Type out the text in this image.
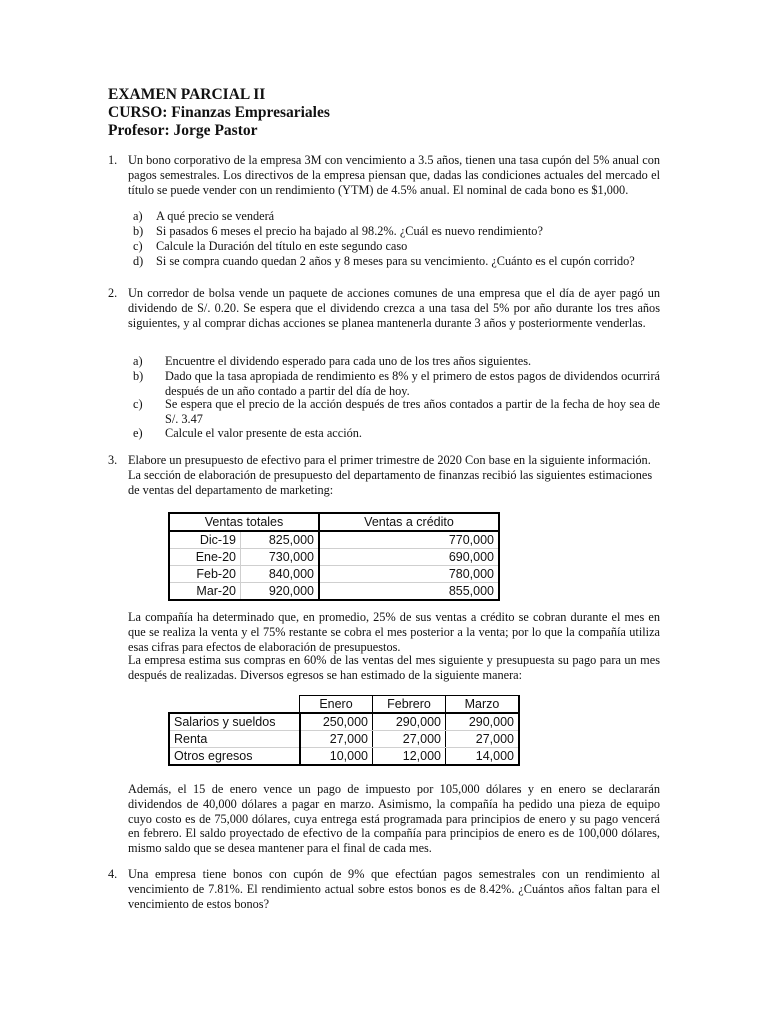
EXAMEN PARCIAL II
CURSO: Finanzas Empresariales
Profesor: Jorge Pastor
1. Un bono corporativo de la empresa 3M con vencimiento a 3.5 años, tienen una tasa cupón del 5% anual con pagos semestrales. Los directivos de la empresa piensan que, dadas las condiciones actuales del mercado el título se puede vender con un rendimiento (YTM) de 4.5% anual. El nominal de cada bono es $1,000.
a) A qué precio se venderá
b) Si pasados 6 meses el precio ha bajado al 98.2%. ¿Cuál es nuevo rendimiento?
c) Calcule la Duración del título en este segundo caso
d) Si se compra cuando quedan 2 años y 8 meses para su vencimiento. ¿Cuánto es el cupón corrido?
2. Un corredor de bolsa vende un paquete de acciones comunes de una empresa que el día de ayer pagó un dividendo de S/. 0.20. Se espera que el dividendo crezca a una tasa del 5% por año durante los tres años siguientes, y al comprar dichas acciones se planea mantenerla durante 3 años y posteriormente venderlas.
a) Encuentre el dividendo esperado para cada uno de los tres años siguientes.
b) Dado que la tasa apropiada de rendimiento es 8% y el primero de estos pagos de dividendos ocurrirá después de un año contado a partir del día de hoy.
c) Se espera que el precio de la acción después de tres años contados a partir de la fecha de hoy sea de S/. 3.47
e) Calcule el valor presente de esta acción.
3. Elabore un presupuesto de efectivo para el primer trimestre de 2020 Con base en la siguiente información. La sección de elaboración de presupuesto del departamento de finanzas recibió las siguientes estimaciones de ventas del departamento de marketing:
Ventas totales		Ventas a crédito
Dic-19	825,000	770,000
Ene-20	730,000	690,000
Feb-20	840,000	780,000
Mar-20	920,000	855,000
La compañía ha determinado que, en promedio, 25% de sus ventas a crédito se cobran durante el mes en que se realiza la venta y el 75% restante se cobra el mes posterior a la venta; por lo que la compañía utiliza esas cifras para efectos de elaboración de presupuestos.
La empresa estima sus compras en 60% de las ventas del mes siguiente y presupuesta su pago para un mes después de realizadas. Diversos egresos se han estimado de la siguiente manera:
	Enero	Febrero	Marzo
Salarios y sueldos	250,000	290,000	290,000
Renta	27,000	27,000	27,000
Otros egresos	10,000	12,000	14,000
Además, el 15 de enero vence un pago de impuesto por 105,000 dólares y en enero se declararán dividendos de 40,000 dólares a pagar en marzo. Asimismo, la compañía ha pedido una pieza de equipo cuyo costo es de 75,000 dólares, cuya entrega está programada para principios de enero y su pago vencerá en febrero. El saldo proyectado de efectivo de la compañía para principios de enero es de 100,000 dólares, mismo saldo que se desea mantener para el final de cada mes.
4. Una empresa tiene bonos con cupón de 9% que efectúan pagos semestrales con un rendimiento al vencimiento de 7.81%. El rendimiento actual sobre estos bonos es de 8.42%. ¿Cuántos años faltan para el vencimiento de estos bonos?
